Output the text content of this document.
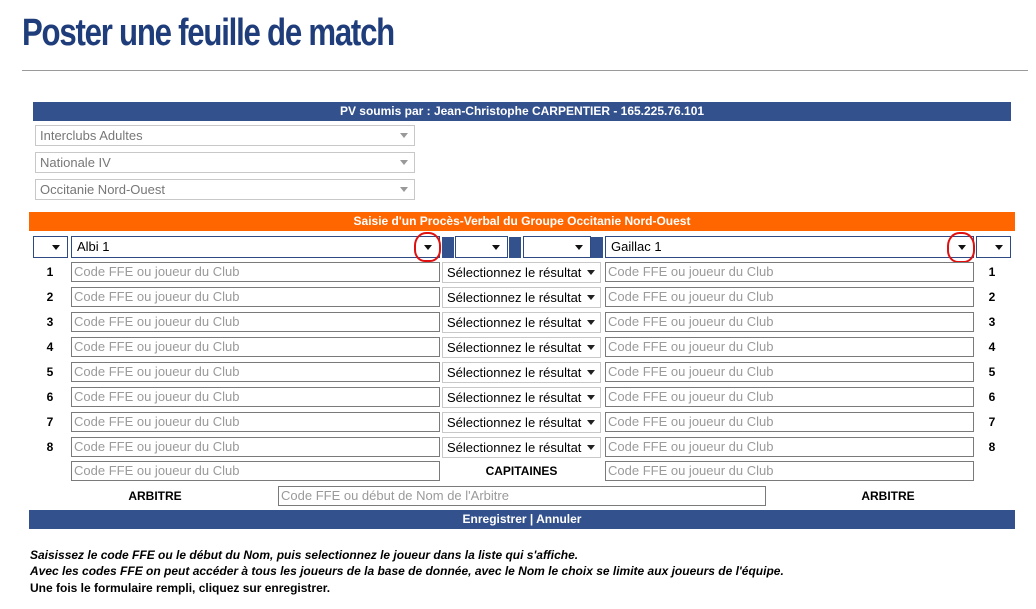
Poster une feuille de match
PV soumis par : Jean-Christophe CARPENTIER - 165.225.76.101
Interclubs Adultes
Nationale IV
Occitanie Nord-Ouest
Saisie d'un Procès-Verbal du Groupe Occitanie Nord-Ouest
Albi 1	Gaillac 1
1	Code FFE ou joueur du Club	Sélectionnez le résultat	Code FFE ou joueur du Club	1
2	Code FFE ou joueur du Club	Sélectionnez le résultat	Code FFE ou joueur du Club	2
3	Code FFE ou joueur du Club	Sélectionnez le résultat	Code FFE ou joueur du Club	3
4	Code FFE ou joueur du Club	Sélectionnez le résultat	Code FFE ou joueur du Club	4
5	Code FFE ou joueur du Club	Sélectionnez le résultat	Code FFE ou joueur du Club	5
6	Code FFE ou joueur du Club	Sélectionnez le résultat	Code FFE ou joueur du Club	6
7	Code FFE ou joueur du Club	Sélectionnez le résultat	Code FFE ou joueur du Club	7
8	Code FFE ou joueur du Club	Sélectionnez le résultat	Code FFE ou joueur du Club	8
Code FFE ou joueur du Club	CAPITAINES	Code FFE ou joueur du Club
ARBITRE	Code FFE ou début de Nom de l'Arbitre	ARBITRE
Enregistrer | Annuler
Saisissez le code FFE ou le début du Nom, puis selectionnez le joueur dans la liste qui s'affiche.
Avec les codes FFE on peut accéder à tous les joueurs de la base de donnée, avec le Nom le choix se limite aux joueurs de l'équipe.
Une fois le formulaire rempli, cliquez sur enregistrer.
